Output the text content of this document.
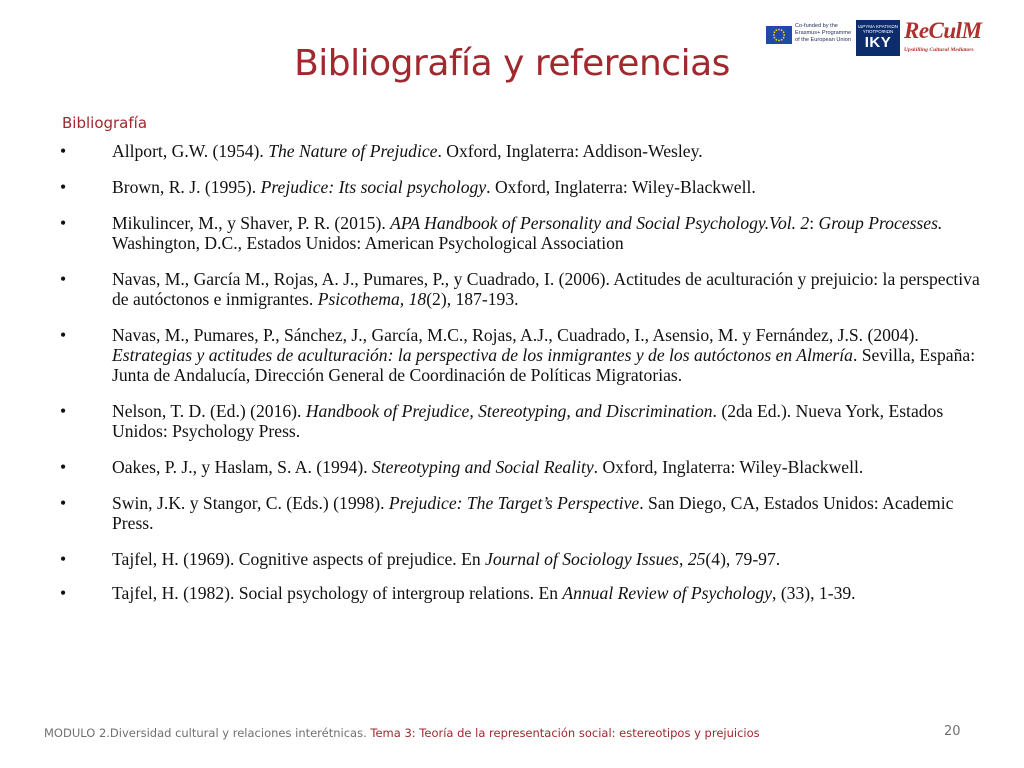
Co-funded by the Erasmus+ Programme of the European Union
ΙΔΡΥΜΑ ΚΡΑΤΙΚΩΝ ΥΠΟΤΡΟΦΙΩΝ
IKY ReCulM
Upskilling Cultural Mediators
Bibliografía y referencias
Bibliografía
•	Allport, G.W. (1954). The Nature of Prejudice. Oxford, Inglaterra: Addison-Wesley.
•	Brown, R. J. (1995). Prejudice: Its social psychology. Oxford, Inglaterra: Wiley-Blackwell.
•	Mikulincer, M., y Shaver, P. R. (2015). APA Handbook of Personality and Social Psychology.Vol. 2: Group Processes. Washington, D.C., Estados Unidos: American Psychological Association
•	Navas, M., García M., Rojas, A. J., Pumares, P., y Cuadrado, I. (2006). Actitudes de aculturación y prejuicio: la perspectiva de autóctonos e inmigrantes. Psicothema, 18(2), 187-193.
•	Navas, M., Pumares, P., Sánchez, J., García, M.C., Rojas, A.J., Cuadrado, I., Asensio, M. y Fernández, J.S. (2004). Estrategias y actitudes de aculturación: la perspectiva de los inmigrantes y de los autóctonos en Almería. Sevilla, España: Junta de Andalucía, Dirección General de Coordinación de Políticas Migratorias.
•	Nelson, T. D. (Ed.) (2016). Handbook of Prejudice, Stereotyping, and Discrimination. (2da Ed.). Nueva York, Estados Unidos: Psychology Press.
•	Oakes, P. J., y Haslam, S. A. (1994). Stereotyping and Social Reality. Oxford, Inglaterra: Wiley-Blackwell.
•	Swin, J.K. y Stangor, C. (Eds.) (1998). Prejudice: The Target’s Perspective. San Diego, CA, Estados Unidos: Academic Press.
•	Tajfel, H. (1969). Cognitive aspects of prejudice. En Journal of Sociology Issues, 25(4), 79-97.
•	Tajfel, H. (1982). Social psychology of intergroup relations. En Annual Review of Psychology, (33), 1-39.
MODULO 2.Diversidad cultural y relaciones interétnicas. Tema 3: Teoría de la representación social: estereotipos y prejuicios	20
